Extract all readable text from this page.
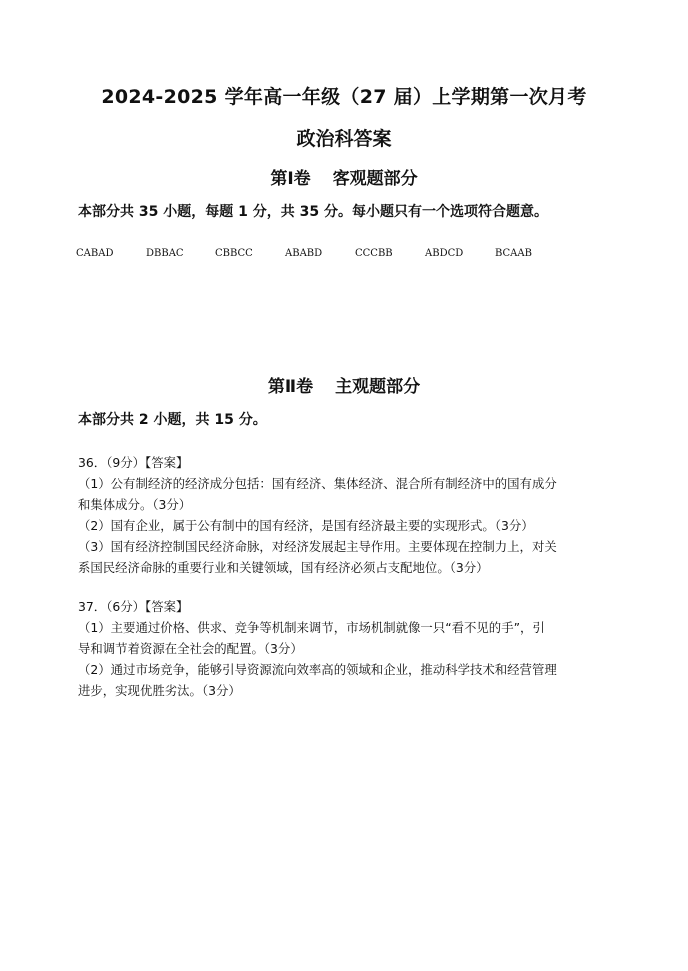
2024-2025 学年高一年级（27 届）上学期第一次月考
政治科答案
第Ⅰ卷 客观题部分
本部分共 35 小题，每题 1 分，共 35 分。每小题只有一个选项符合题意。
CABAD	DBBAC	CBBCC	ABABD	CCCBB	ABDCD	BCAAB
第Ⅱ卷 主观题部分
本部分共 2 小题，共 15 分。
36．（9分）【答案】
（1）公有制经济的经济成分包括：国有经济、集体经济、混合所有制经济中的国有成分
和集体成分。（3分）
（2）国有企业，属于公有制中的国有经济，是国有经济最主要的实现形式。（3分）
（3）国有经济控制国民经济命脉，对经济发展起主导作用。主要体现在控制力上，对关
系国民经济命脉的重要行业和关键领域，国有经济必须占支配地位。（3分）
37．（6分）【答案】
（1）主要通过价格、供求、竞争等机制来调节，市场机制就像一只“看不见的手”，引
导和调节着资源在全社会的配置。（3分）
（2）通过市场竞争，能够引导资源流向效率高的领域和企业，推动科学技术和经营管理
进步，实现优胜劣汰。（3分）
